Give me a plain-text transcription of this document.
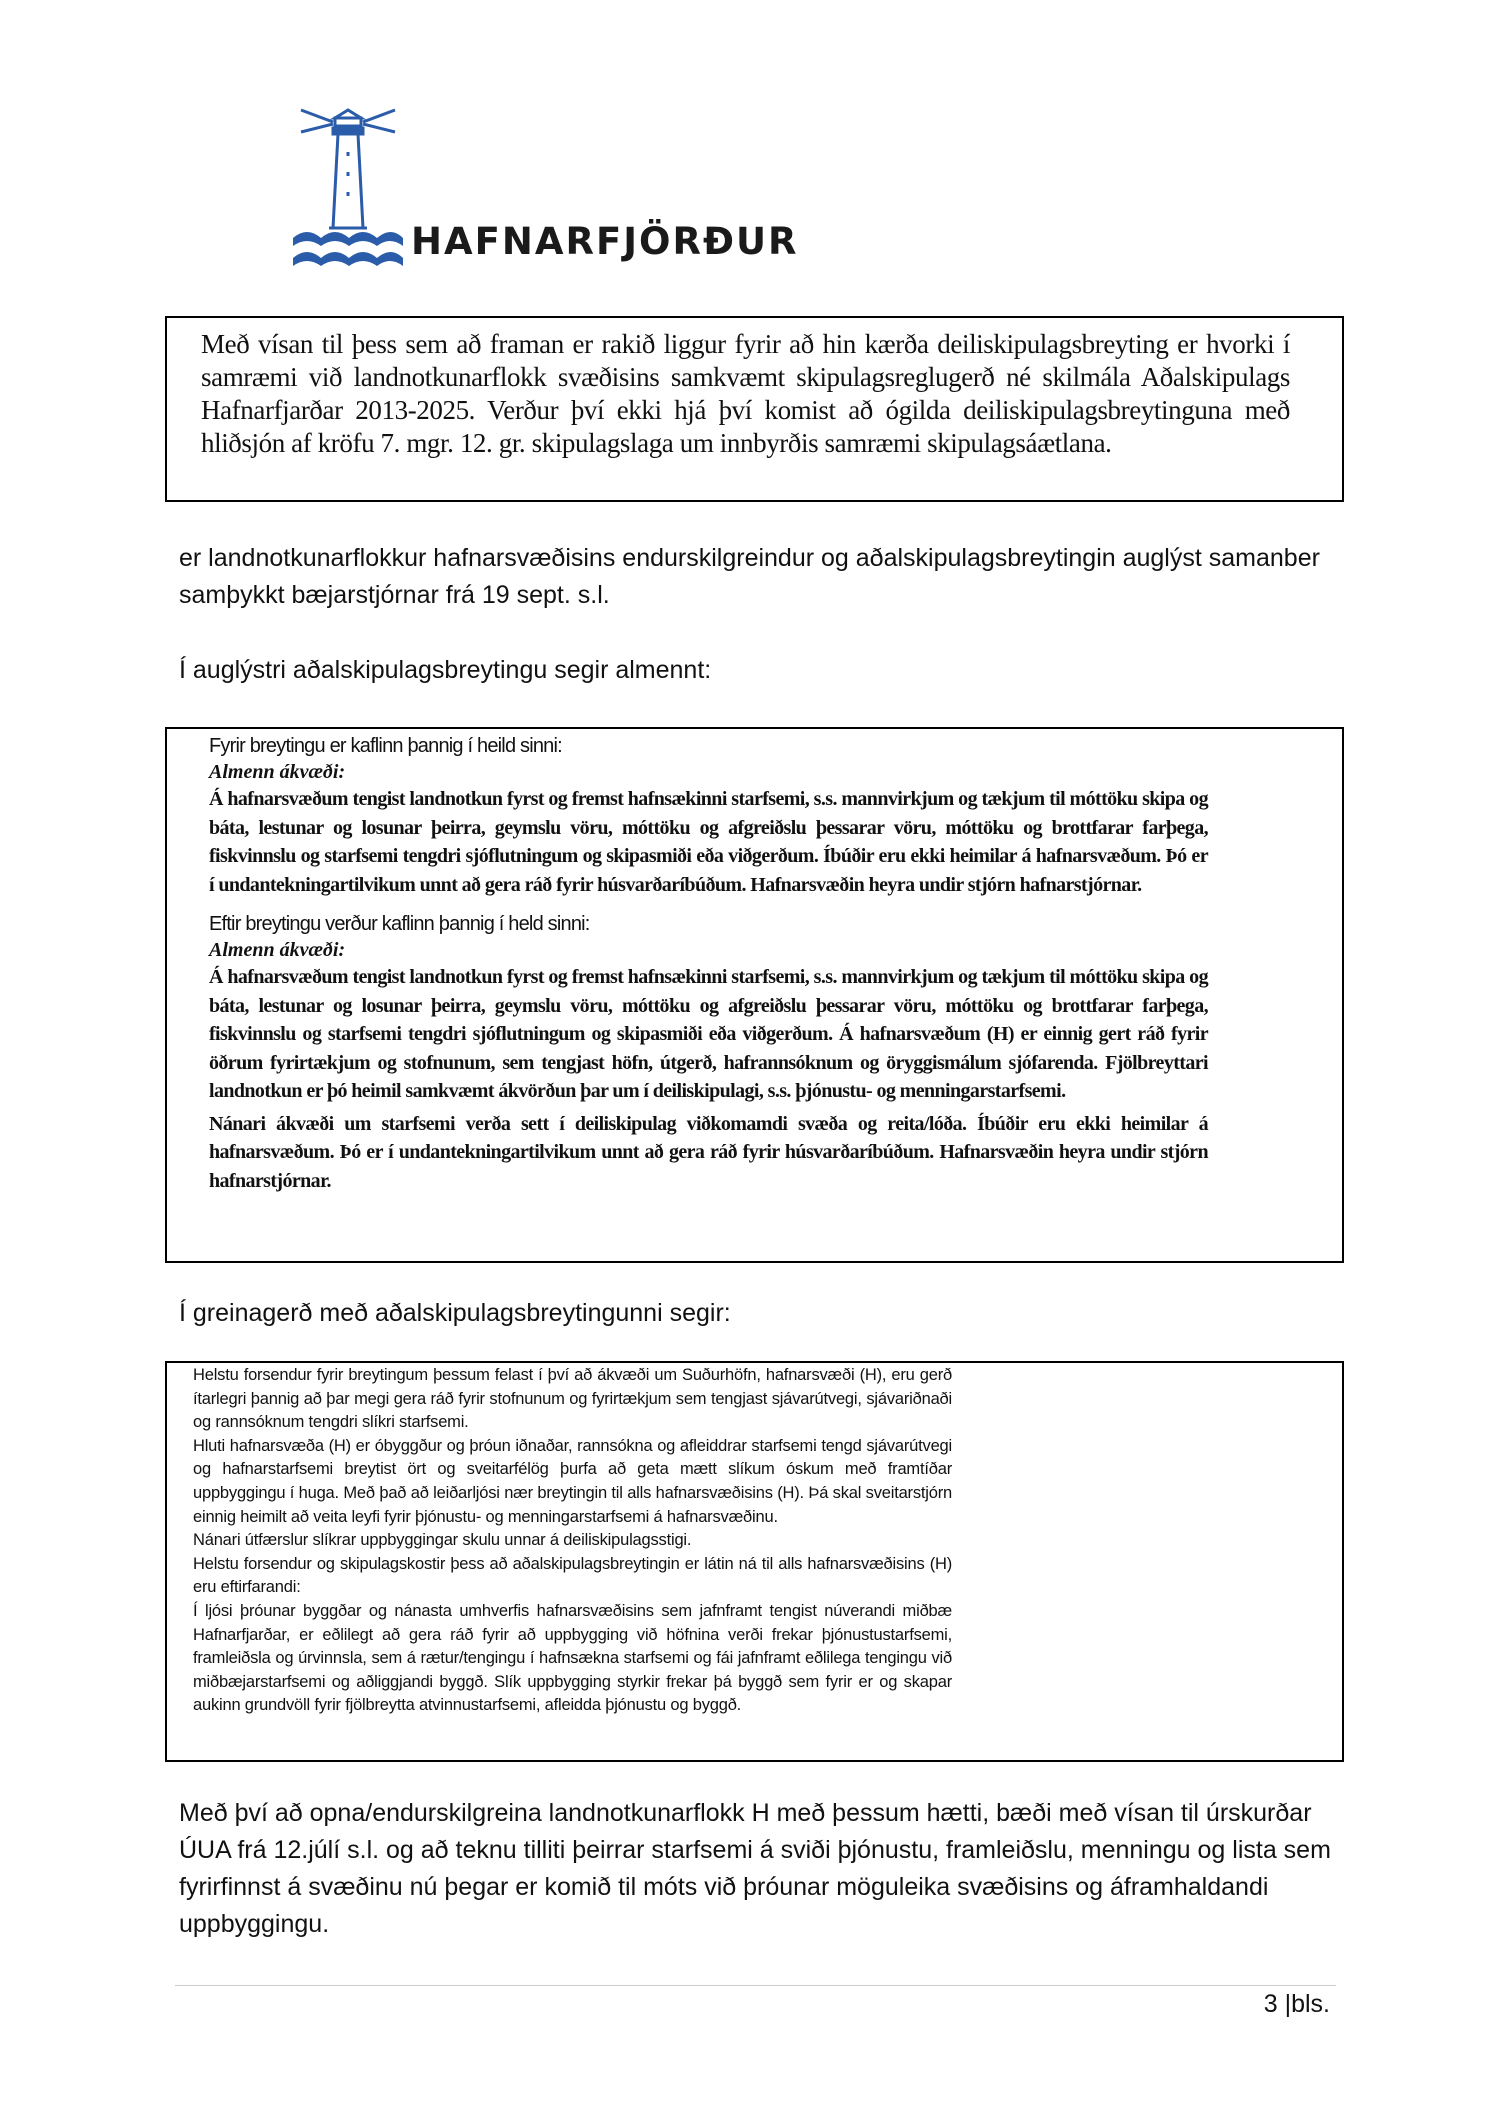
HAFNARFJÖRÐUR
Með vísan til þess sem að framan er rakið liggur fyrir að hin kærða deiliskipulagsbreyting er hvorki í samræmi við landnotkunarflokk svæðisins samkvæmt skipulagsreglugerð né skilmála Aðalskipulags Hafnarfjarðar 2013-2025. Verður því ekki hjá því komist að ógilda deiliskipulagsbreytinguna með hliðsjón af kröfu 7. mgr. 12. gr. skipulagslaga um innbyrðis samræmi skipulagsáætlana.
er landnotkunarflokkur hafnarsvæðisins endurskilgreindur og aðalskipulagsbreytingin auglýst samanber samþykkt bæjarstjórnar frá 19 sept. s.l.
Í auglýstri aðalskipulagsbreytingu segir almennt:
Fyrir breytingu er kaflinn þannig í heild sinni:
Almenn ákvæði:
Á hafnarsvæðum tengist landnotkun fyrst og fremst hafnsækinni starfsemi, s.s. mannvirkjum og tækjum til móttöku skipa og báta, lestunar og losunar þeirra, geymslu vöru, móttöku og afgreiðslu þessarar vöru, móttöku og brottfarar farþega, fiskvinnslu og starfsemi tengdri sjóflutningum og skipasmiði eða viðgerðum. Íbúðir eru ekki heimilar á hafnarsvæðum. Þó er í undantekningartilvikum unnt að gera ráð fyrir húsvarðaríbúðum. Hafnarsvæðin heyra undir stjórn hafnarstjórnar.
Eftir breytingu verður kaflinn þannig í held sinni:
Almenn ákvæði:
Á hafnarsvæðum tengist landnotkun fyrst og fremst hafnsækinni starfsemi, s.s. mannvirkjum og tækjum til móttöku skipa og báta, lestunar og losunar þeirra, geymslu vöru, móttöku og afgreiðslu þessarar vöru, móttöku og brottfarar farþega, fiskvinnslu og starfsemi tengdri sjóflutningum og skipasmiði eða viðgerðum. Á hafnarsvæðum (H) er einnig gert ráð fyrir öðrum fyrirtækjum og stofnunum, sem tengjast höfn, útgerð, hafrannsóknum og öryggismálum sjófarenda. Fjölbreyttari landnotkun er þó heimil samkvæmt ákvörðun þar um í deiliskipulagi, s.s. þjónustu- og menningarstarfsemi.
Nánari ákvæði um starfsemi verða sett í deiliskipulag viðkomamdi svæða og reita/lóða. Íbúðir eru ekki heimilar á hafnarsvæðum. Þó er í undantekningartilvikum unnt að gera ráð fyrir húsvarðaríbúðum. Hafnarsvæðin heyra undir stjórn hafnarstjórnar.
Í greinagerð með aðalskipulagsbreytingunni segir:
Helstu forsendur fyrir breytingum þessum felast í því að ákvæði um Suðurhöfn, hafnarsvæði (H), eru gerð ítarlegri þannig að þar megi gera ráð fyrir stofnunum og fyrirtækjum sem tengjast sjávarútvegi, sjávariðnaði og rannsóknum tengdri slíkri starfsemi.
Hluti hafnarsvæða (H) er óbyggður og þróun iðnaðar, rannsókna og afleiddrar starfsemi tengd sjávarútvegi og hafnarstarfsemi breytist ört og sveitarfélög þurfa að geta mætt slíkum óskum með framtíðar uppbyggingu í huga. Með það að leiðarljósi nær breytingin til alls hafnarsvæðisins (H). Þá skal sveitarstjórn einnig heimilt að veita leyfi fyrir þjónustu- og menningarstarfsemi á hafnarsvæðinu.
Nánari útfærslur slíkrar uppbyggingar skulu unnar á deiliskipulagsstigi.
Helstu forsendur og skipulagskostir þess að aðalskipulagsbreytingin er látin ná til alls hafnarsvæðisins (H) eru eftirfarandi:
Í ljósi þróunar byggðar og nánasta umhverfis hafnarsvæðisins sem jafnframt tengist núverandi miðbæ Hafnarfjarðar, er eðlilegt að gera ráð fyrir að uppbygging við höfnina verði frekar þjónustustarfsemi, framleiðsla og úrvinnsla, sem á rætur/tengingu í hafnsækna starfsemi og fái jafnframt eðlilega tengingu við miðbæjarstarfsemi og aðliggjandi byggð. Slík uppbygging styrkir frekar þá byggð sem fyrir er og skapar aukinn grundvöll fyrir fjölbreytta atvinnustarfsemi, afleidda þjónustu og byggð.
Með því að opna/endurskilgreina landnotkunarflokk H með þessum hætti, bæði með vísan til úrskurðar ÚUA frá 12.júlí s.l. og að teknu tilliti þeirrar starfsemi á sviði þjónustu, framleiðslu, menningu og lista sem fyrirfinnst á svæðinu nú þegar er komið til móts við þróunar möguleika svæðisins og áframhaldandi uppbyggingu.
3 |bls.
